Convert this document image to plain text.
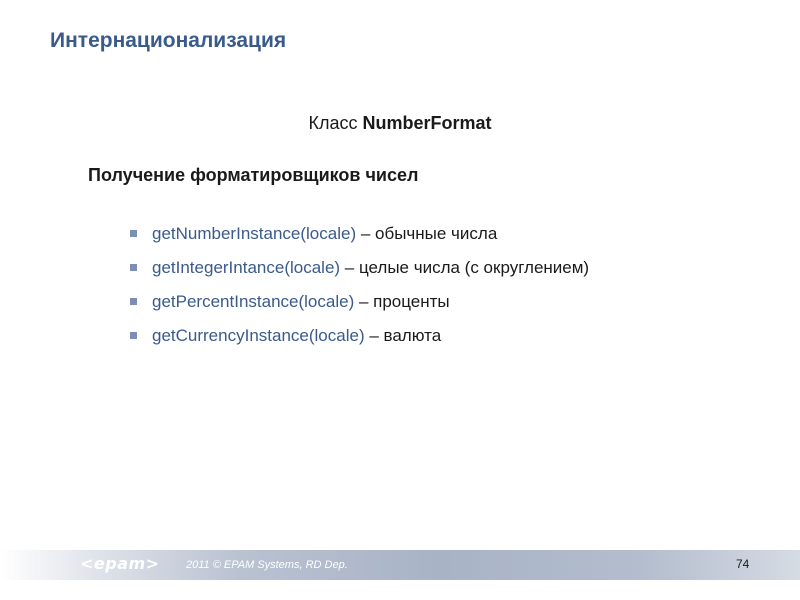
Интернационализация
Класс NumberFormat
Получение форматировщиков чисел
getNumberInstance(locale) – обычные числа
getIntegerIntance(locale) – целые числа (с округлением)
getPercentInstance(locale) – проценты
getCurrencyInstance(locale) – валюта
<epam> 2011 © EPAM Systems, RD Dep.	74
